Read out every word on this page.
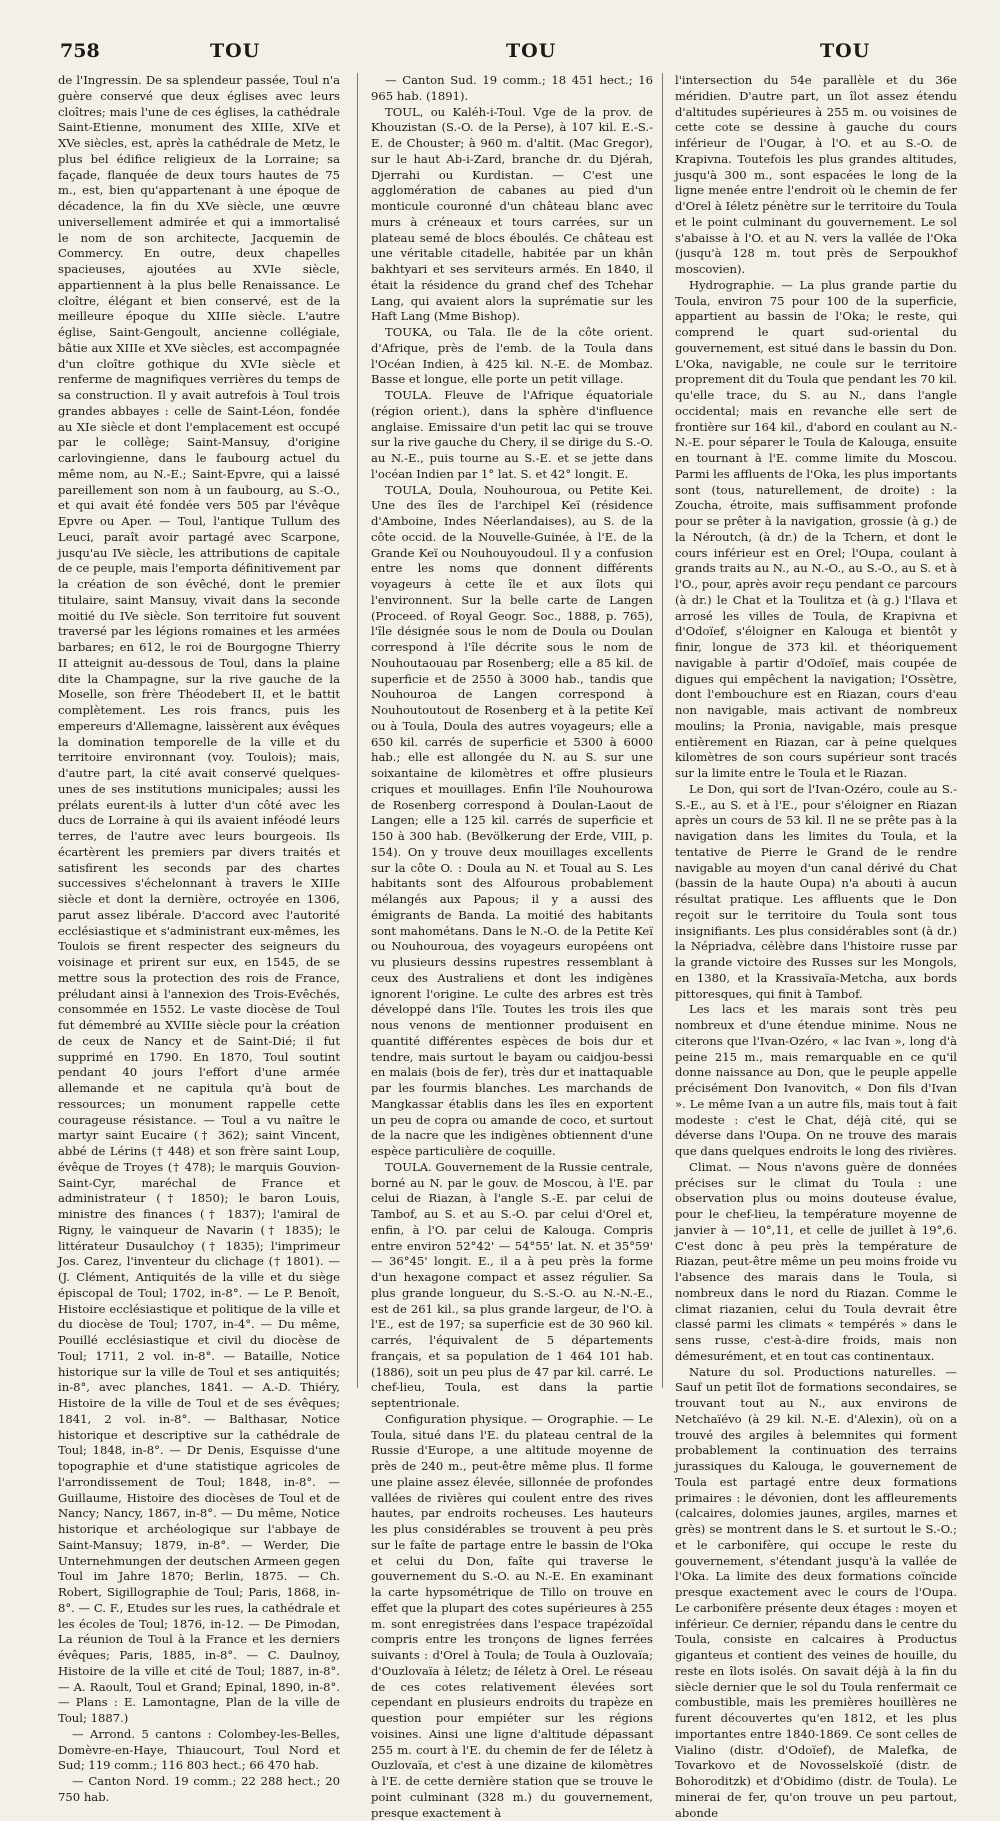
758	TOU	TOU	TOU

de l'Ingressin. De sa splendeur passée, Toul n'a guère conservé que deux églises avec leurs cloîtres; mais l'une de ces églises, la cathédrale Saint-Etienne, monument des XIIIe, XIVe et XVe siècles, est, après la cathédrale de Metz, le plus bel édifice religieux de la Lorraine; sa façade, flanquée de deux tours hautes de 75 m., est, bien qu'appartenant à une époque de décadence, la fin du XVe siècle, une œuvre universellement admirée et qui a immortalisé le nom de son architecte, Jacquemin de Commercy. En outre, deux chapelles spacieuses, ajoutées au XVIe siècle, appartiennent à la plus belle Renaissance. Le cloître, élégant et bien conservé, est de la meilleure époque du XIIIe siècle. L'autre église, Saint-Gengoult, ancienne collégiale, bâtie aux XIIIe et XVe siècles, est accompagnée d'un cloître gothique du XVIe siècle et renferme de magnifiques verrières du temps de sa construction. Il y avait autrefois à Toul trois grandes abbayes : celle de Saint-Léon, fondée au XIe siècle et dont l'emplacement est occupé par le collège; Saint-Mansuy, d'origine carlovingienne, dans le faubourg actuel du même nom, au N.-E.; Saint-Epvre, qui a laissé pareillement son nom à un faubourg, au S.-O., et qui avait été fondée vers 505 par l'évêque Epvre ou Aper. — Toul, l'antique Tullum des Leuci, paraît avoir partagé avec Scarpone, jusqu'au IVe siècle, les attributions de capitale de ce peuple, mais l'emporta définitivement par la création de son évêché, dont le premier titulaire, saint Mansuy, vivait dans la seconde moitié du IVe siècle. Son territoire fut souvent traversé par les légions romaines et les armées barbares; en 612, le roi de Bourgogne Thierry II atteignit au-dessous de Toul, dans la plaine dite la Champagne, sur la rive gauche de la Moselle, son frère Théodebert II, et le battit complètement. Les rois francs, puis les empereurs d'Allemagne, laissèrent aux évêques la domination temporelle de la ville et du territoire environnant (voy. Toulois); mais, d'autre part, la cité avait conservé quelques-unes de ses institutions municipales; aussi les prélats eurent-ils à lutter d'un côté avec les ducs de Lorraine à qui ils avaient inféodé leurs terres, de l'autre avec leurs bourgeois. Ils écartèrent les premiers par divers traités et satisfirent les seconds par des chartes successives s'échelonnant à travers le XIIIe siècle et dont la dernière, octroyée en 1306, parut assez libérale. D'accord avec l'autorité ecclésiastique et s'administrant eux-mêmes, les Toulois se firent respecter des seigneurs du voisinage et prirent sur eux, en 1545, de se mettre sous la protection des rois de France, préludant ainsi à l'annexion des Trois-Evêchés, consommée en 1552. Le vaste diocèse de Toul fut démembré au XVIIIe siècle pour la création de ceux de Nancy et de Saint-Dié; il fut supprimé en 1790. En 1870, Toul soutint pendant 40 jours l'effort d'une armée allemande et ne capitula qu'à bout de ressources; un monument rappelle cette courageuse résistance. — Toul a vu naître le martyr saint Eucaire († 362); saint Vincent, abbé de Lérins († 448) et son frère saint Loup, évêque de Troyes († 478); le marquis Gouvion-Saint-Cyr, maréchal de France et administrateur († 1850); le baron Louis, ministre des finances († 1837); l'amiral de Rigny, le vainqueur de Navarin († 1835); le littérateur Dusaulchoy († 1835); l'imprimeur Jos. Carez, l'inventeur du clichage († 1801). — (J. Clément, Antiquités de la ville et du siège épiscopal de Toul; 1702, in-8°. — Le P. Benoît, Histoire ecclésiastique et politique de la ville et du diocèse de Toul; 1707, in-4°. — Du même, Pouillé ecclésiastique et civil du diocèse de Toul; 1711, 2 vol. in-8°. — Bataille, Notice historique sur la ville de Toul et ses antiquités; in-8°, avec planches, 1841. — A.-D. Thiéry, Histoire de la ville de Toul et de ses évêques; 1841, 2 vol. in-8°. — Balthasar, Notice historique et descriptive sur la cathédrale de Toul; 1848, in-8°. — Dr Denis, Esquisse d'une topographie et d'une statistique agricoles de l'arrondissement de Toul; 1848, in-8°. — Guillaume, Histoire des diocèses de Toul et de Nancy; Nancy, 1867, in-8°. — Du même, Notice historique et archéologique sur l'abbaye de Saint-Mansuy; 1879, in-8°. — Werder, Die Unternehmungen der deutschen Armeen gegen Toul im Jahre 1870; Berlin, 1875. — Ch. Robert, Sigillographie de Toul; Paris, 1868, in-8°. — C. F., Etudes sur les rues, la cathédrale et les écoles de Toul; 1876, in-12. — De Pimodan, La réunion de Toul à la France et les derniers évêques; Paris, 1885, in-8°. — C. Daulnoy, Histoire de la ville et cité de Toul; 1887, in-8°. — A. Raoult, Toul et Grand; Epinal, 1890, in-8°. — Plans : E. Lamontagne, Plan de la ville de Toul; 1887.)

— Arrond. 5 cantons : Colombey-les-Belles, Domèvre-en-Haye, Thiaucourt, Toul Nord et Sud; 119 comm.; 116 803 hect.; 66 470 hab.

— Canton Nord. 19 comm.; 22 288 hect.; 20 750 hab.

— Canton Sud. 19 comm.; 18 451 hect.; 16 965 hab. (1891).

TOUL, ou Kaléh-i-Toul. Vge de la prov. de Khouzistan (S.-O. de la Perse), à 107 kil. E.-S.-E. de Chouster; à 960 m. d'altit. (Mac Gregor), sur le haut Ab-i-Zard, branche dr. du Djérah, Djerrahi ou Kurdistan. — C'est une agglomération de cabanes au pied d'un monticule couronné d'un château blanc avec murs à créneaux et tours carrées, sur un plateau semé de blocs éboulés. Ce château est une véritable citadelle, habitée par un khân bakhtyari et ses serviteurs armés. En 1840, il était la résidence du grand chef des Tchehar Lang, qui avaient alors la suprématie sur les Haft Lang (Mme Bishop).

TOUKA, ou Tala. Ile de la côte orient. d'Afrique, près de l'emb. de la Toula dans l'Océan Indien, à 425 kil. N.-E. de Mombaz. Basse et longue, elle porte un petit village.

TOULA. Fleuve de l'Afrique équatoriale (région orient.), dans la sphère d'influence anglaise. Emissaire d'un petit lac qui se trouve sur la rive gauche du Chery, il se dirige du S.-O. au N.-E., puis tourne au S.-E. et se jette dans l'océan Indien par 1° lat. S. et 42° longit. E.

TOULA, Doula, Nouhouroua, ou Petite Kei. Une des îles de l'archipel Keï (résidence d'Amboine, Indes Néerlandaises), au S. de la côte occid. de la Nouvelle-Guinée, à l'E. de la Grande Keï ou Nouhouyoudoul. Il y a confusion entre les noms que donnent différents voyageurs à cette île et aux îlots qui l'environnent. Sur la belle carte de Langen (Proceed. of Royal Geogr. Soc., 1888, p. 765), l'île désignée sous le nom de Doula ou Doulan correspond à l'île décrite sous le nom de Nouhoutaouau par Rosenberg; elle a 85 kil. de superficie et de 2550 à 3000 hab., tandis que Nouhouroa de Langen correspond à Nouhoutoutout de Rosenberg et à la petite Keï ou à Toula, Doula des autres voyageurs; elle a 650 kil. carrés de superficie et 5300 à 6000 hab.; elle est allongée du N. au S. sur une soixantaine de kilomètres et offre plusieurs criques et mouillages. Enfin l'île Nouhourowa de Rosenberg correspond à Doulan-Laout de Langen; elle a 125 kil. carrés de superficie et 150 à 300 hab. (Bevölkerung der Erde, VIII, p. 154). On y trouve deux mouillages excellents sur la côte O. : Doula au N. et Toual au S. Les habitants sont des Alfourous probablement mélangés aux Papous; il y a aussi des émigrants de Banda. La moitié des habitants sont mahométans. Dans le N.-O. de la Petite Keï ou Nouhouroua, des voyageurs européens ont vu plusieurs dessins rupestres ressemblant à ceux des Australiens et dont les indigènes ignorent l'origine. Le culte des arbres est très développé dans l'île. Toutes les trois iles que nous venons de mentionner produisent en quantité différentes espèces de bois dur et tendre, mais surtout le bayam ou caidjou-bessi en malais (bois de fer), très dur et inattaquable par les fourmis blanches. Les marchands de Mangkassar établis dans les îles en exportent un peu de copra ou amande de coco, et surtout de la nacre que les indigènes obtiennent d'une espèce particulière de coquille.

TOULA. Gouvernement de la Russie centrale, borné au N. par le gouv. de Moscou, à l'E. par celui de Riazan, à l'angle S.-E. par celui de Tambof, au S. et au S.-O. par celui d'Orel et, enfin, à l'O. par celui de Kalouga. Compris entre environ 52°42' — 54°55' lat. N. et 35°59' — 36°45' longit. E., il a à peu près la forme d'un hexagone compact et assez régulier. Sa plus grande longueur, du S.-S.-O. au N.-N.-E., est de 261 kil., sa plus grande largeur, de l'O. à l'E., est de 197; sa superficie est de 30 960 kil. carrés, l'équivalent de 5 départements français, et sa population de 1 464 101 hab. (1886), soit un peu plus de 47 par kil. carré. Le chef-lieu, Toula, est dans la partie septentrionale.

Configuration physique. — Orographie. — Le Toula, situé dans l'E. du plateau central de la Russie d'Europe, a une altitude moyenne de près de 240 m., peut-être même plus. Il forme une plaine assez élevée, sillonnée de profondes vallées de rivières qui coulent entre des rives hautes, par endroits rocheuses. Les hauteurs les plus considérables se trouvent à peu près sur le faîte de partage entre le bassin de l'Oka et celui du Don, faîte qui traverse le gouvernement du S.-O. au N.-E. En examinant la carte hypsométrique de Tillo on trouve en effet que la plupart des cotes supérieures à 255 m. sont enregistrées dans l'espace trapézoïdal compris entre les tronçons de lignes ferrées suivants : d'Orel à Toula; de Toula à Ouzlovaïa; d'Ouzlovaïa à Iéletz; de Iéletz à Orel. Le réseau de ces cotes relativement élevées sort cependant en plusieurs endroits du trapèze en question pour empiéter sur les régions voisines. Ainsi une ligne d'altitude dépassant 255 m. court à l'E. du chemin de fer de Iéletz à Ouzlovaïa, et c'est à une dizaine de kilomètres à l'E. de cette dernière station que se trouve le point culminant (328 m.) du gouvernement, presque exactement à

l'intersection du 54e parallèle et du 36e méridien. D'autre part, un îlot assez étendu d'altitudes supérieures à 255 m. ou voisines de cette cote se dessine à gauche du cours inférieur de l'Ougar, à l'O. et au S.-O. de Krapivna. Toutefois les plus grandes altitudes, jusqu'à 300 m., sont espacées le long de la ligne menée entre l'endroit où le chemin de fer d'Orel à Iéletz pénètre sur le territoire du Toula et le point culminant du gouvernement. Le sol s'abaisse à l'O. et au N. vers la vallée de l'Oka (jusqu'à 128 m. tout près de Serpoukhof moscovien).

Hydrographie. — La plus grande partie du Toula, environ 75 pour 100 de la superficie, appartient au bassin de l'Oka; le reste, qui comprend le quart sud-oriental du gouvernement, est situé dans le bassin du Don. L'Oka, navigable, ne coule sur le territoire proprement dit du Toula que pendant les 70 kil. qu'elle trace, du S. au N., dans l'angle occidental; mais en revanche elle sert de frontière sur 164 kil., d'abord en coulant au N.-N.-E. pour séparer le Toula de Kalouga, ensuite en tournant à l'E. comme limite du Moscou. Parmi les affluents de l'Oka, les plus importants sont (tous, naturellement, de droite) : la Zoucha, étroite, mais suffisamment profonde pour se prêter à la navigation, grossie (à g.) de la Néroutch, (à dr.) de la Tchern, et dont le cours inférieur est en Orel; l'Oupa, coulant à grands traits au N., au N.-O., au S.-O., au S. et à l'O., pour, après avoir reçu pendant ce parcours (à dr.) le Chat et la Toulitza et (à g.) l'Ilava et arrosé les villes de Toula, de Krapivna et d'Odoïef, s'éloigner en Kalouga et bientôt y finir, longue de 373 kil. et théoriquement navigable à partir d'Odoïef, mais coupée de digues qui empêchent la navigation; l'Ossètre, dont l'embouchure est en Riazan, cours d'eau non navigable, mais activant de nombreux moulins; la Pronia, navigable, mais presque entièrement en Riazan, car à peine quelques kilomètres de son cours supérieur sont tracés sur la limite entre le Toula et le Riazan.

Le Don, qui sort de l'Ivan-Ozéro, coule au S.-S.-E., au S. et à l'E., pour s'éloigner en Riazan après un cours de 53 kil. Il ne se prête pas à la navigation dans les limites du Toula, et la tentative de Pierre le Grand de le rendre navigable au moyen d'un canal dérivé du Chat (bassin de la haute Oupa) n'a abouti à aucun résultat pratique. Les affluents que le Don reçoit sur le territoire du Toula sont tous insignifiants. Les plus considérables sont (à dr.) la Népriadva, célèbre dans l'histoire russe par la grande victoire des Russes sur les Mongols, en 1380, et la Krassivaïa-Metcha, aux bords pittoresques, qui finit à Tambof.

Les lacs et les marais sont très peu nombreux et d'une étendue minime. Nous ne citerons que l'Ivan-Ozéro, « lac Ivan », long d'à peine 215 m., mais remarquable en ce qu'il donne naissance au Don, que le peuple appelle précisément Don Ivanovitch, « Don fils d'Ivan ». Le même Ivan a un autre fils, mais tout à fait modeste : c'est le Chat, déjà cité, qui se déverse dans l'Oupa. On ne trouve des marais que dans quelques endroits le long des rivières.

Climat. — Nous n'avons guère de données précises sur le climat du Toula : une observation plus ou moins douteuse évalue, pour le chef-lieu, la température moyenne de janvier à — 10°,11, et celle de juillet à 19°,6. C'est donc à peu près la température de Riazan, peut-être même un peu moins froide vu l'absence des marais dans le Toula, si nombreux dans le nord du Riazan. Comme le climat riazanien, celui du Toula devrait être classé parmi les climats « tempérés » dans le sens russe, c'est-à-dire froids, mais non démesurément, et en tout cas continentaux.

Nature du sol. Productions naturelles. — Sauf un petit îlot de formations secondaires, se trouvant tout au N., aux environs de Netchaïévo (à 29 kil. N.-E. d'Alexin), où on a trouvé des argiles à belemnites qui forment probablement la continuation des terrains jurassiques du Kalouga, le gouvernement de Toula est partagé entre deux formations primaires : le dévonien, dont les affleurements (calcaires, dolomies jaunes, argiles, marnes et grès) se montrent dans le S. et surtout le S.-O.; et le carbonifère, qui occupe le reste du gouvernement, s'étendant jusqu'à la vallée de l'Oka. La limite des deux formations coïncide presque exactement avec le cours de l'Oupa. Le carbonifère présente deux étages : moyen et inférieur. Ce dernier, répandu dans le centre du Toula, consiste en calcaires à Productus giganteus et contient des veines de houille, du reste en îlots isolés. On savait déjà à la fin du siècle dernier que le sol du Toula renfermait ce combustible, mais les premières houillères ne furent découvertes qu'en 1812, et les plus importantes entre 1840-1869. Ce sont celles de Vialino (distr. d'Odoïef), de Malefka, de Tovarkovo et de Novosselskoïé (distr. de Bohoroditzk) et d'Obidimo (distr. de Toula). Le minerai de fer, qu'on trouve un peu partout, abonde
